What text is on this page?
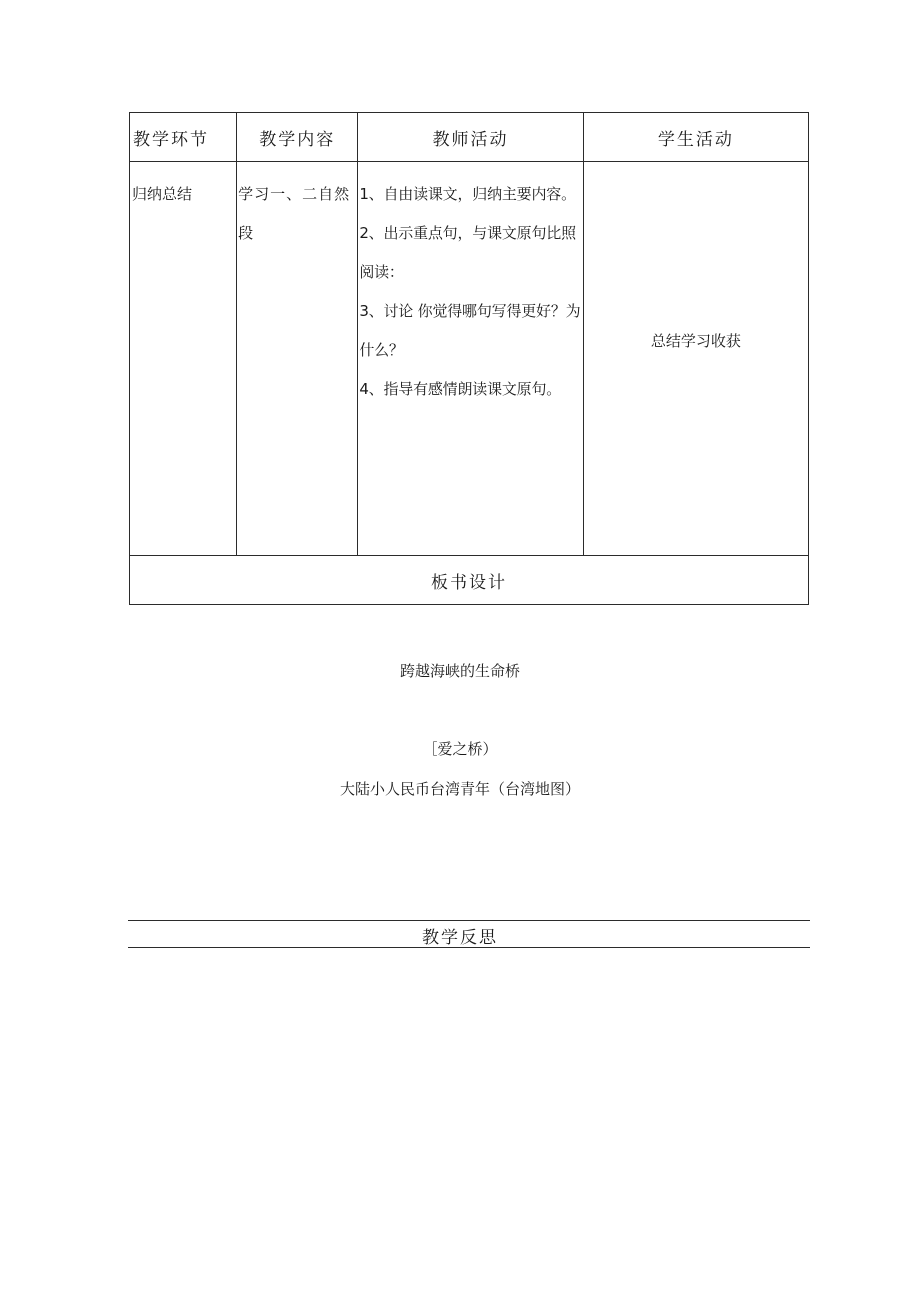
教学环节	教学内容	教师活动	学生活动

归纳总结	学习一、二自然段	1、自由读课文，归纳主要内容。
2、出示重点句，与课文原句比照阅读：
3、讨论 你觉得哪句写得更好？为什么？
4、指导有感情朗读课文原句。	总结学习收获
板书设计			
跨越海峡的生命桥
［爱之桥）
大陆小人民币台湾青年（台湾地图）
教学反思
